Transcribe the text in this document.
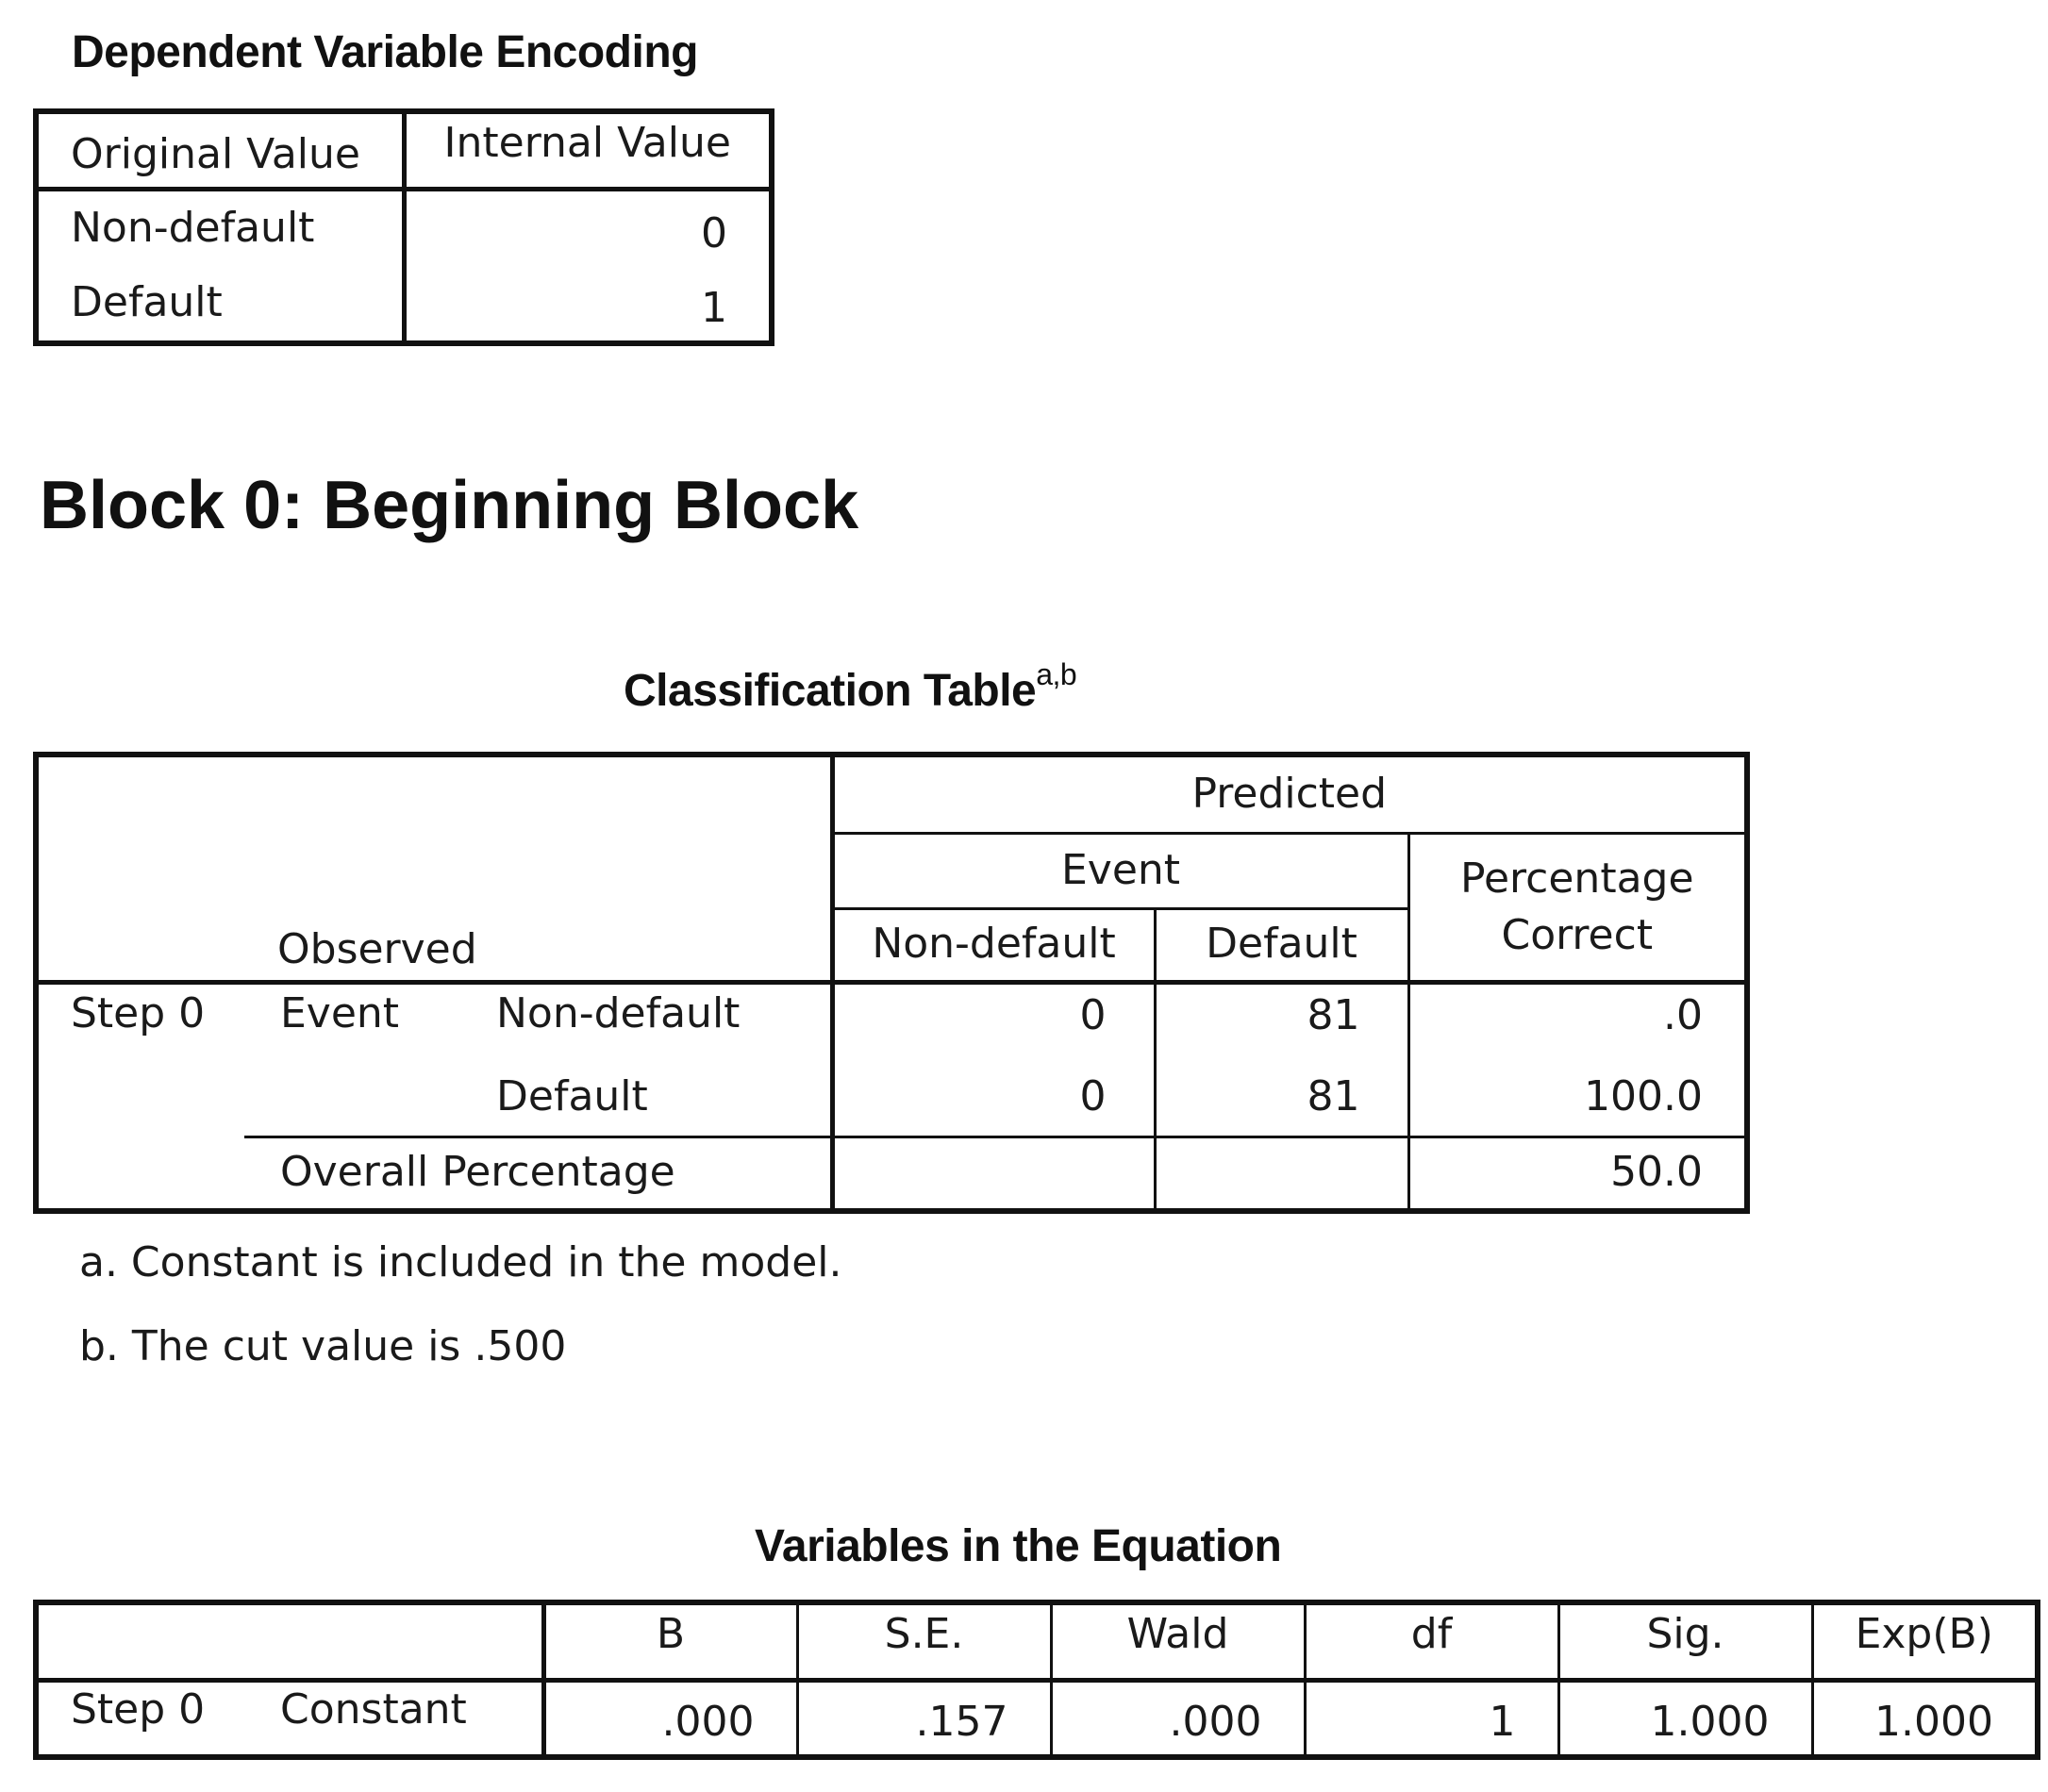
Dependent Variable Encoding
Original Value	Internal Value
Non-default	0
Default	1
Block 0: Beginning Block
Classification Table$^{a,b}$
Observed			Predicted		
			Event		Percentage
Correct

			Non-default	Default	
Step 0	Event	Non-default	0	81	.0
		Default	0	81	100.0
	Overall Percentage				50.0
a. Constant is included in the model.
b. The cut value is .500
Variables in the Equation
		B	S.E.	Wald	df	Sig.	Exp(B)
Step 0	Constant	.000	.157	.000	1	1.000	1.000
